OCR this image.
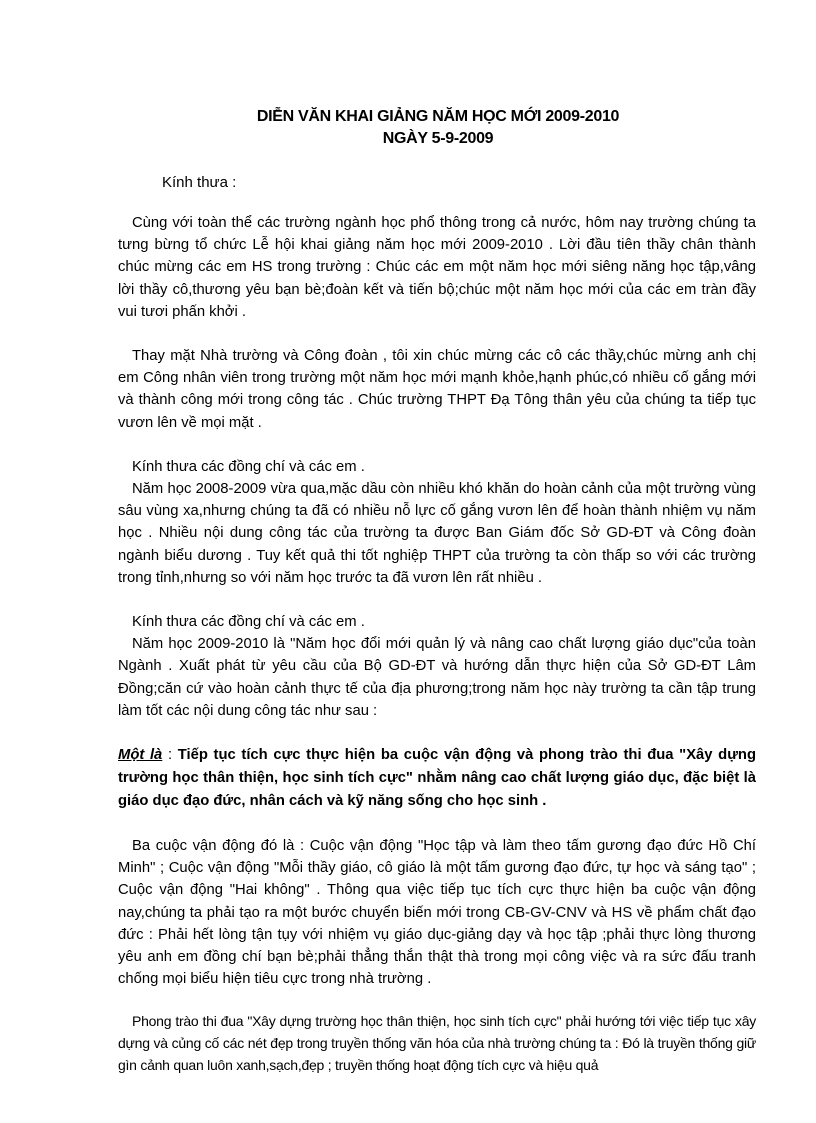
DIỄN VĂN KHAI GIẢNG NĂM HỌC MỚI 2009-2010
NGÀY 5-9-2009
Kính thưa :

Cùng với toàn thể các trường ngành học phổ thông trong cả nước, hôm nay trường chúng ta tưng bừng tổ chức Lễ hội khai giảng năm học mới 2009-2010 . Lời đầu tiên thầy chân thành chúc mừng các em HS trong trường : Chúc các em một năm học mới siêng năng học tập,vâng lời thầy cô,thương yêu bạn bè;đoàn kết và tiến bộ;chúc một năm học mới của các em tràn đầy vui tươi phấn khởi .

Thay mặt Nhà trường và Công đoàn , tôi xin chúc mừng các cô các thầy,chúc mừng anh chị em Công nhân viên trong trường một năm học mới mạnh khỏe,hạnh phúc,có nhiều cố gắng mới và thành công mới trong công tác . Chúc trường THPT Đạ Tông thân yêu của chúng ta tiếp tục vươn lên về mọi mặt .

Kính thưa các đồng chí và các em .

Năm học 2008-2009 vừa qua,mặc dầu còn nhiều khó khăn do hoàn cảnh của một trường vùng sâu vùng xa,nhưng chúng ta đã có nhiều nỗ lực cố gắng vươn lên để hoàn thành nhiệm vụ năm học . Nhiều nội dung công tác của trường ta được Ban Giám đốc Sở GD-ĐT và Công đoàn ngành biểu dương . Tuy kết quả thi tốt nghiệp THPT của trường ta còn thấp so với các trường trong tỉnh,nhưng so với năm học trước ta đã vươn lên rất nhiều .

Kính thưa các đồng chí và các em .

Năm học 2009-2010 là "Năm học đổi mới quản lý và nâng cao chất lượng giáo dục"của toàn Ngành . Xuất phát từ yêu cầu của Bộ GD-ĐT và hướng dẫn thực hiện của Sở GD-ĐT Lâm Đồng;căn cứ vào hoàn cảnh thực tế của địa phương;trong năm học này trường ta cần tập trung làm tốt các nội dung công tác như sau :

Một là : Tiếp tục tích cực thực hiện ba cuộc vận động và phong trào thi đua "Xây dựng trường học thân thiện, học sinh tích cực" nhằm nâng cao chất lượng giáo dục, đặc biệt là giáo dục đạo đức, nhân cách và kỹ năng sống cho học sinh .

Ba cuộc vận động đó là : Cuộc vận động "Học tập và làm theo tấm gương đạo đức Hồ Chí Minh" ; Cuộc vận động "Mỗi thầy giáo, cô giáo là một tấm gương đạo đức, tự học và sáng tạo" ; Cuộc vận động "Hai không" . Thông qua việc tiếp tục tích cực thực hiện ba cuộc vận động nay,chúng ta phải tạo ra một bước chuyển biến mới trong CB-GV-CNV và HS về phẩm chất đạo đức : Phải hết lòng tận tụy với nhiệm vụ giáo dục-giảng dạy và học tập ;phải thực lòng thương yêu anh em đồng chí bạn bè;phải thẳng thắn thật thà trong mọi công việc và ra sức đấu tranh chống mọi biểu hiện tiêu cực trong nhà trường .

Phong trào thi đua "Xây dựng trường học thân thiện, học sinh tích cực" phải hướng tới việc tiếp tục xây dựng và củng cố các nét đẹp trong truyền thống văn hóa của nhà trường chúng ta : Đó là truyền thống giữ gìn cảnh quan luôn xanh,sạch,đẹp ; truyền thống hoạt động tích cực và hiệu quả
